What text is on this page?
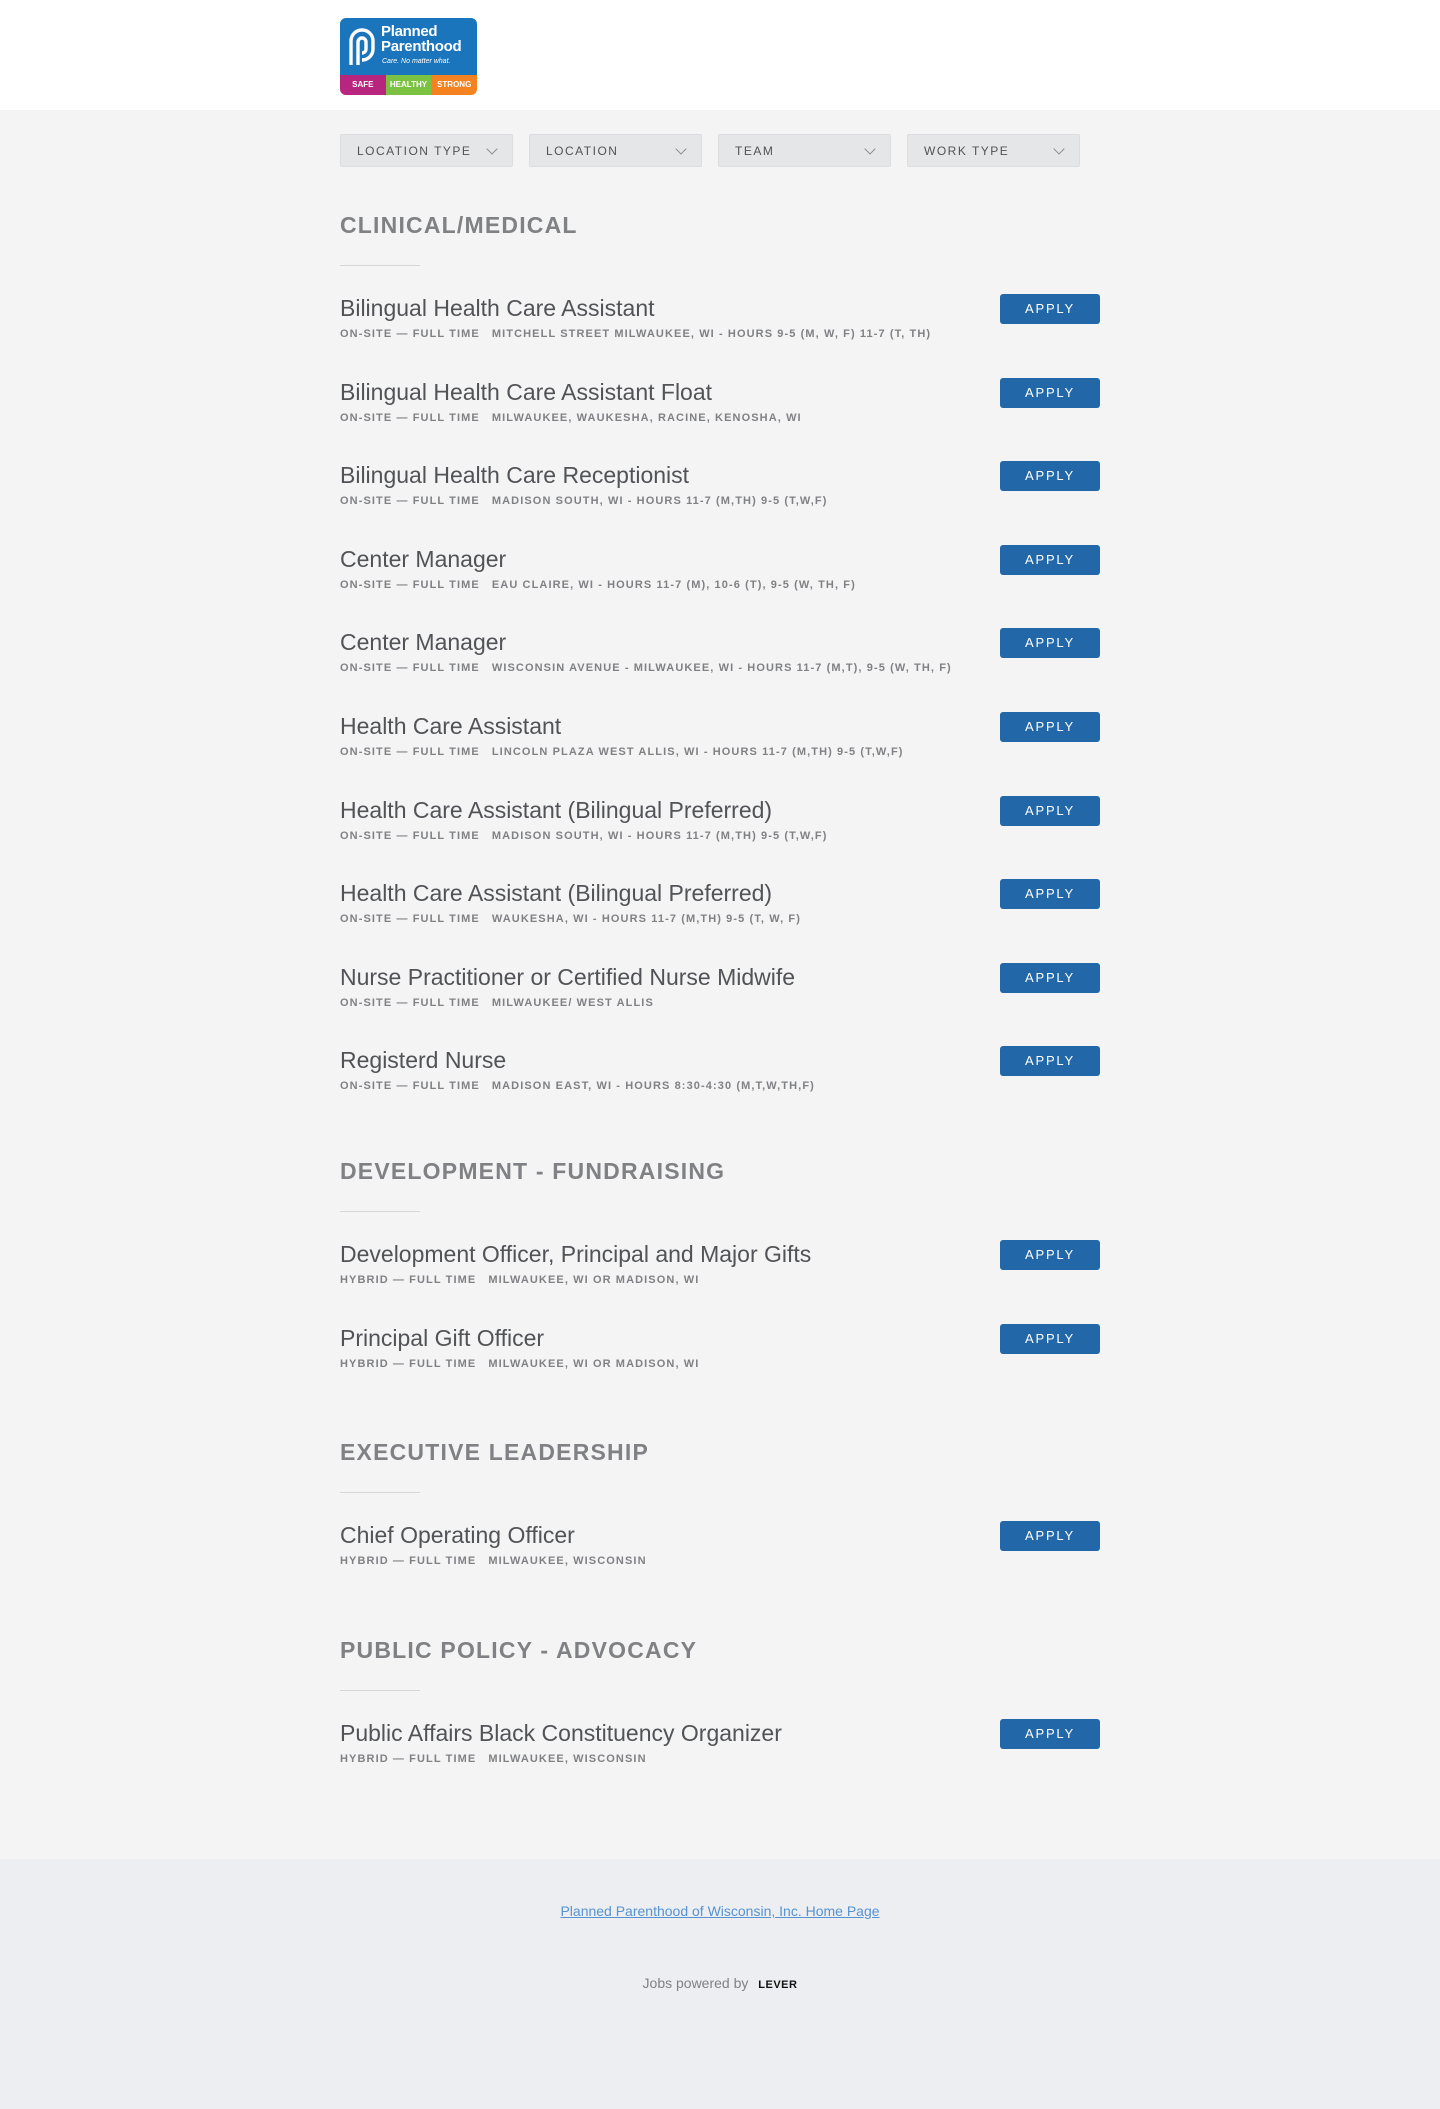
Planned
Parenthood
Care. No matter what.
SAFE	HEALTHY	STRONG
LOCATION TYPE	LOCATION	TEAM	WORK TYPE
CLINICAL/MEDICAL
Bilingual Health Care Assistant
ON-SITE — FULL TIME MITCHELL STREET MILWAUKEE, WI - HOURS 9-5 (M, W, F) 11-7 (T, TH)
APPLY
Bilingual Health Care Assistant Float
ON-SITE — FULL TIME MILWAUKEE, WAUKESHA, RACINE, KENOSHA, WI
APPLY
Bilingual Health Care Receptionist
ON-SITE — FULL TIME MADISON SOUTH, WI - HOURS 11-7 (M,TH) 9-5 (T,W,F)
APPLY
Center Manager
ON-SITE — FULL TIME EAU CLAIRE, WI - HOURS 11-7 (M), 10-6 (T), 9-5 (W, TH, F)
APPLY
Center Manager
ON-SITE — FULL TIME WISCONSIN AVENUE - MILWAUKEE, WI - HOURS 11-7 (M,T), 9-5 (W, TH, F)
APPLY
Health Care Assistant
ON-SITE — FULL TIME LINCOLN PLAZA WEST ALLIS, WI - HOURS 11-7 (M,TH) 9-5 (T,W,F)
APPLY
Health Care Assistant (Bilingual Preferred)
ON-SITE — FULL TIME MADISON SOUTH, WI - HOURS 11-7 (M,TH) 9-5 (T,W,F)
APPLY
Health Care Assistant (Bilingual Preferred)
ON-SITE — FULL TIME WAUKESHA, WI - HOURS 11-7 (M,TH) 9-5 (T, W, F)
APPLY
Nurse Practitioner or Certified Nurse Midwife
ON-SITE — FULL TIME MILWAUKEE/ WEST ALLIS
APPLY
Registerd Nurse
ON-SITE — FULL TIME MADISON EAST, WI - HOURS 8:30-4:30 (M,T,W,TH,F)
APPLY
DEVELOPMENT - FUNDRAISING
Development Officer, Principal and Major Gifts
HYBRID — FULL TIME MILWAUKEE, WI OR MADISON, WI
APPLY
Principal Gift Officer
HYBRID — FULL TIME MILWAUKEE, WI OR MADISON, WI
APPLY
EXECUTIVE LEADERSHIP
Chief Operating Officer
HYBRID — FULL TIME MILWAUKEE, WISCONSIN
APPLY
PUBLIC POLICY - ADVOCACY
Public Affairs Black Constituency Organizer
HYBRID — FULL TIME MILWAUKEE, WISCONSIN
APPLY
Planned Parenthood of Wisconsin, Inc. Home Page
Jobs powered by LEVER
